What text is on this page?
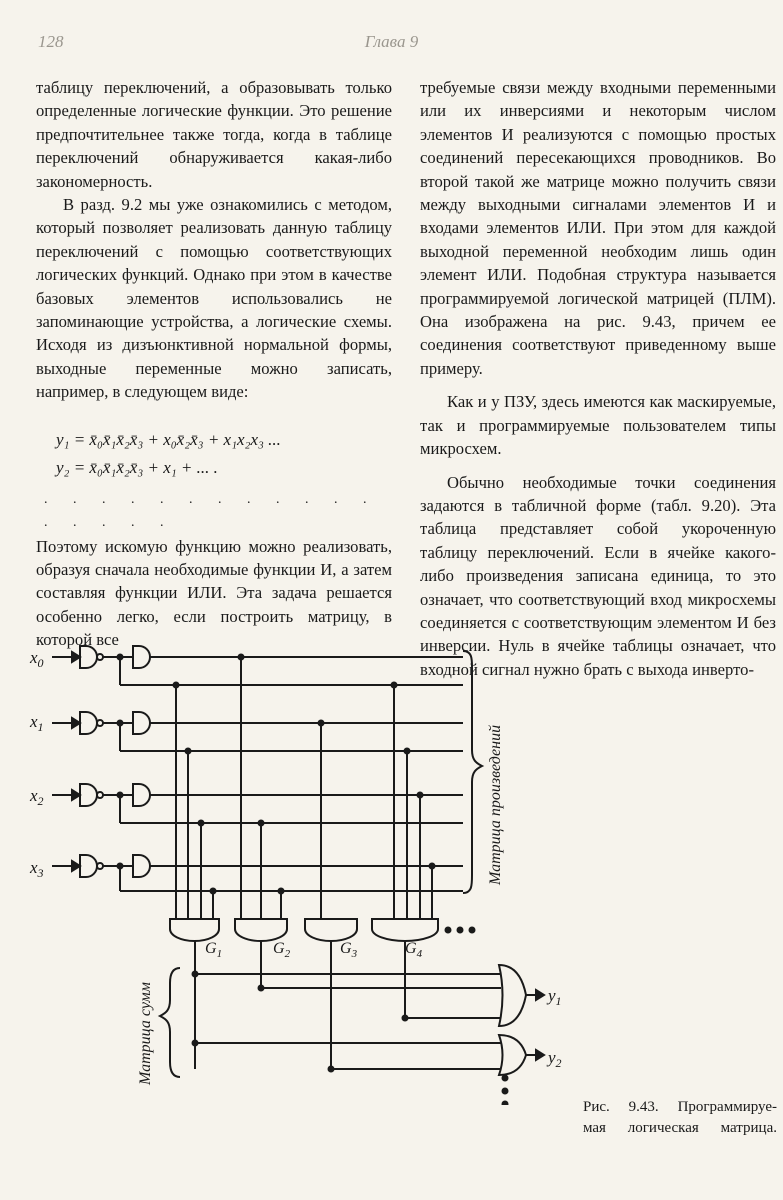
128	Глава 9

таблицу переключений, а образовывать только определенные логические функции. Это решение предпочтительнее также тогда, когда в таблице переключений обнаруживается какая-либо закономерность.

В разд. 9.2 мы уже ознакомились с методом, который позволяет реализовать данную таблицу переключений с помощью соответствующих логических функций. Однако при этом в качестве базовых элементов использовались не запоминающие устройства, а логические схемы. Исходя из дизъюнктивной нормальной формы, выходные переменные можно записать, например, в следующем виде:

y₁ = x̄₀x̄₁x̄₂x̄₃ + x₀x̄₂x̄₃ + x₁x₂x₃ ...
y₂ = x̄₀x̄₁x̄₂x̄₃ + x₁ + ... .
. . . . . . . . . . . . . . . . .

Поэтому искомую функцию можно реализовать, образуя сначала необходимые функции И, а затем составляя функции ИЛИ. Эта задача решается особенно легко, если построить матрицу, в которой все

требуемые связи между входными переменными или их инверсиями и некоторым числом элементов И реализуются с помощью простых соединений пересекающихся проводников. Во второй такой же матрице можно получить связи между выходными сигналами элементов И и входами элементов ИЛИ. При этом для каждой выходной переменной необходим лишь один элемент ИЛИ. Подобная структура называется программируемой логической матрицей (ПЛМ). Она изображена на рис. 9.43, причем ее соединения соответствуют приведенному выше примеру.

Как и у ПЗУ, здесь имеются как маскируемые, так и программируемые пользователем типы микросхем.

Обычно необходимые точки соединения задаются в табличной форме (табл. 9.20). Эта таблица представляет собой укороченную таблицу переключений. Если в ячейке какого-либо произведения записана единица, то это означает, что соответствующий вход микросхемы соединяется с соответствующим элементом И без инверсии. Нуль в ячейке таблицы означает, что входной сигнал нужно брать с выхода инверто-

$x_0$
$x_1$
$x_2$
$x_3$	Матрица произведений
$G_1$	$G_2$	$G_3$	$G_4$
$y_1$
$y_2$
Матрица сумм
Рис. 9.43. Программируе-
мая логическая матрица.
